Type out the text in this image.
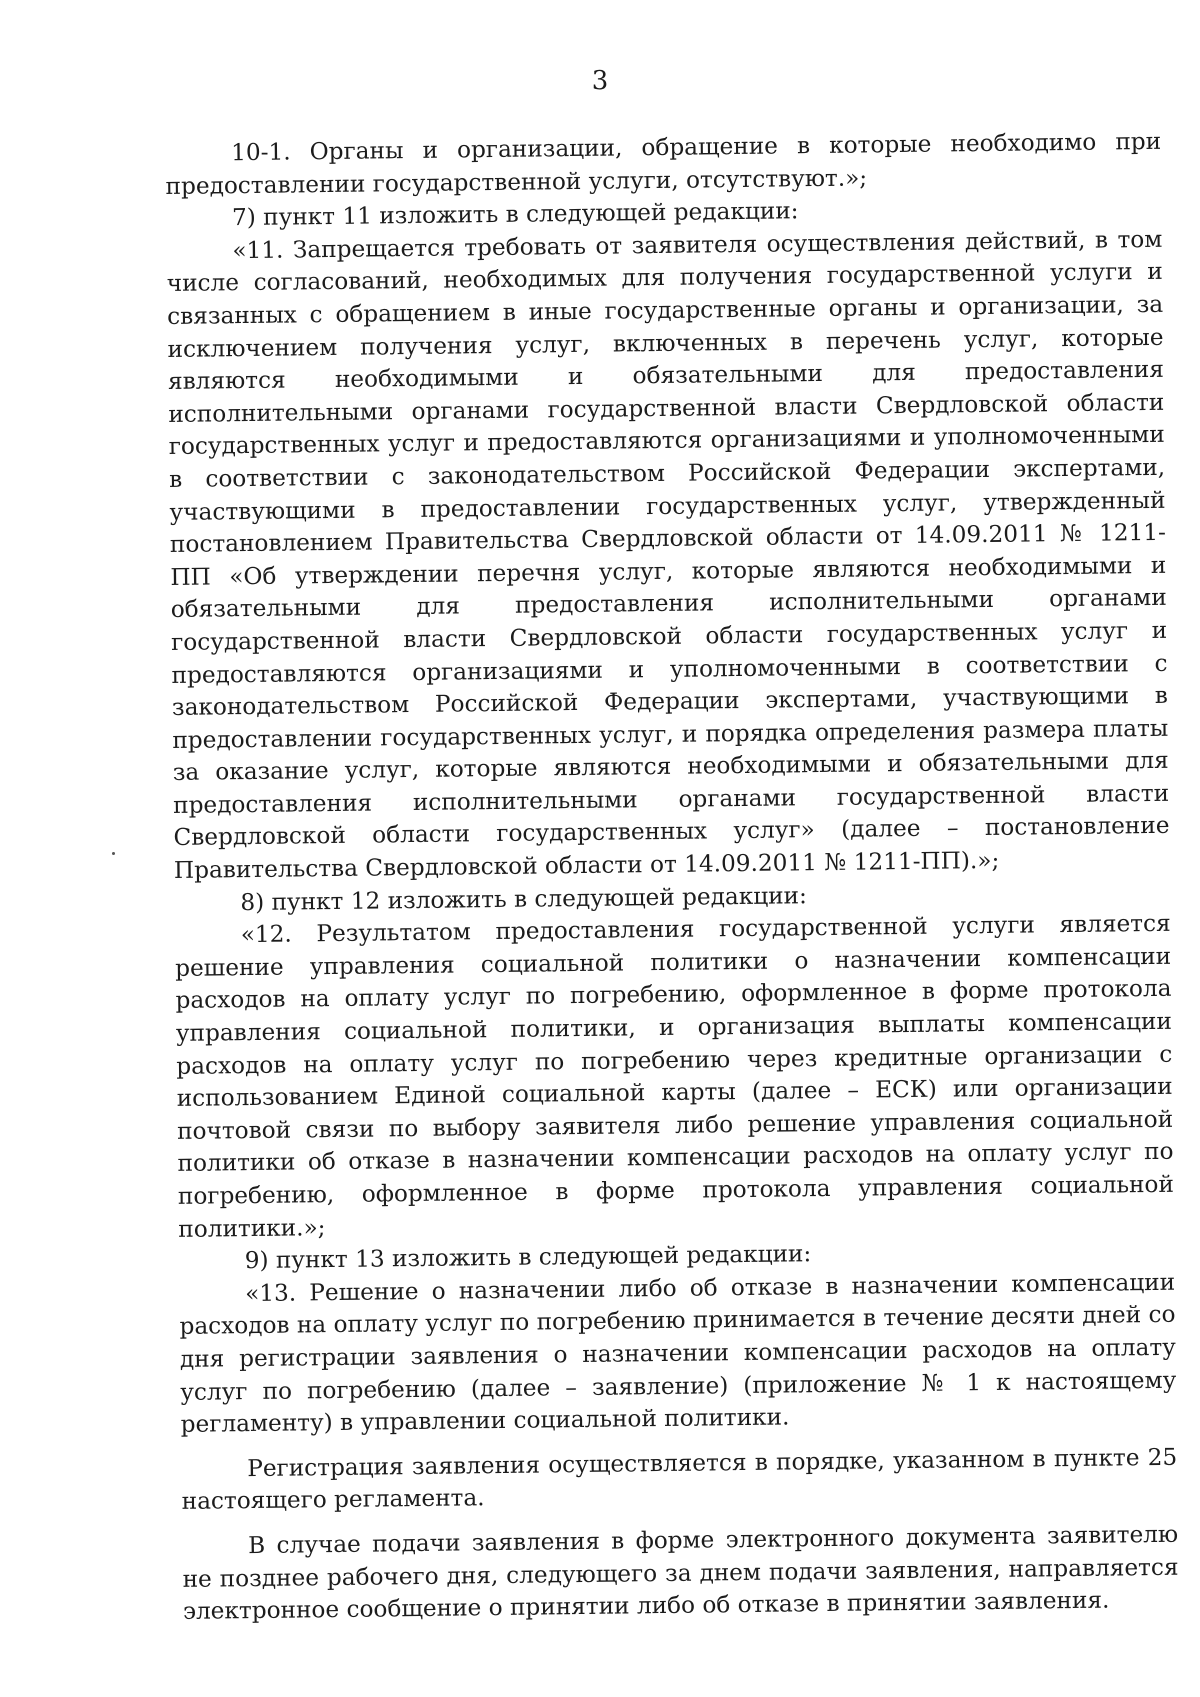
3

10-1. Органы и организации, обращение в которые необходимо при предоставлении государственной услуги, отсутствуют.»;

7) пункт 11 изложить в следующей редакции:

«11. Запрещается требовать от заявителя осуществления действий, в том числе согласований, необходимых для получения государственной услуги и связанных с обращением в иные государственные органы и организации, за исключением получения услуг, включенных в перечень услуг, которые являются необходимыми и обязательными для предоставления исполнительными органами государственной власти Свердловской области государственных услуг и предоставляются организациями и уполномоченными в соответствии с законодательством Российской Федерации экспертами, участвующими в предоставлении государственных услуг, утвержденный постановлением Правительства Свердловской области от 14.09.2011 № 1211-ПП «Об утверждении перечня услуг, которые являются необходимыми и обязательными для предоставления исполнительными органами государственной власти Свердловской области государственных услуг и предоставляются организациями и уполномоченными в соответствии с законодательством Российской Федерации экспертами, участвующими в предоставлении государственных услуг, и порядка определения размера платы за оказание услуг, которые являются необходимыми и обязательными для предоставления исполнительными органами государственной власти Свердловской области государственных услуг» (далее – постановление Правительства Свердловской области от 14.09.2011 № 1211-ПП).»;

8) пункт 12 изложить в следующей редакции:

«12. Результатом предоставления государственной услуги является решение управления социальной политики о назначении компенсации расходов на оплату услуг по погребению, оформленное в форме протокола управления социальной политики, и организация выплаты компенсации расходов на оплату услуг по погребению через кредитные организации с использованием Единой социальной карты (далее – ЕСК) или организации почтовой связи по выбору заявителя либо решение управления социальной политики об отказе в назначении компенсации расходов на оплату услуг по погребению, оформленное в форме протокола управления социальной политики.»;

9) пункт 13 изложить в следующей редакции:

«13. Решение о назначении либо об отказе в назначении компенсации расходов на оплату услуг по погребению принимается в течение десяти дней со дня регистрации заявления о назначении компенсации расходов на оплату услуг по погребению (далее – заявление) (приложение № 1 к настоящему регламенту) в управлении социальной политики.

Регистрация заявления осуществляется в порядке, указанном в пункте 25 настоящего регламента.

В случае подачи заявления в форме электронного документа заявителю не позднее рабочего дня, следующего за днем подачи заявления, направляется электронное сообщение о принятии либо об отказе в принятии заявления.
